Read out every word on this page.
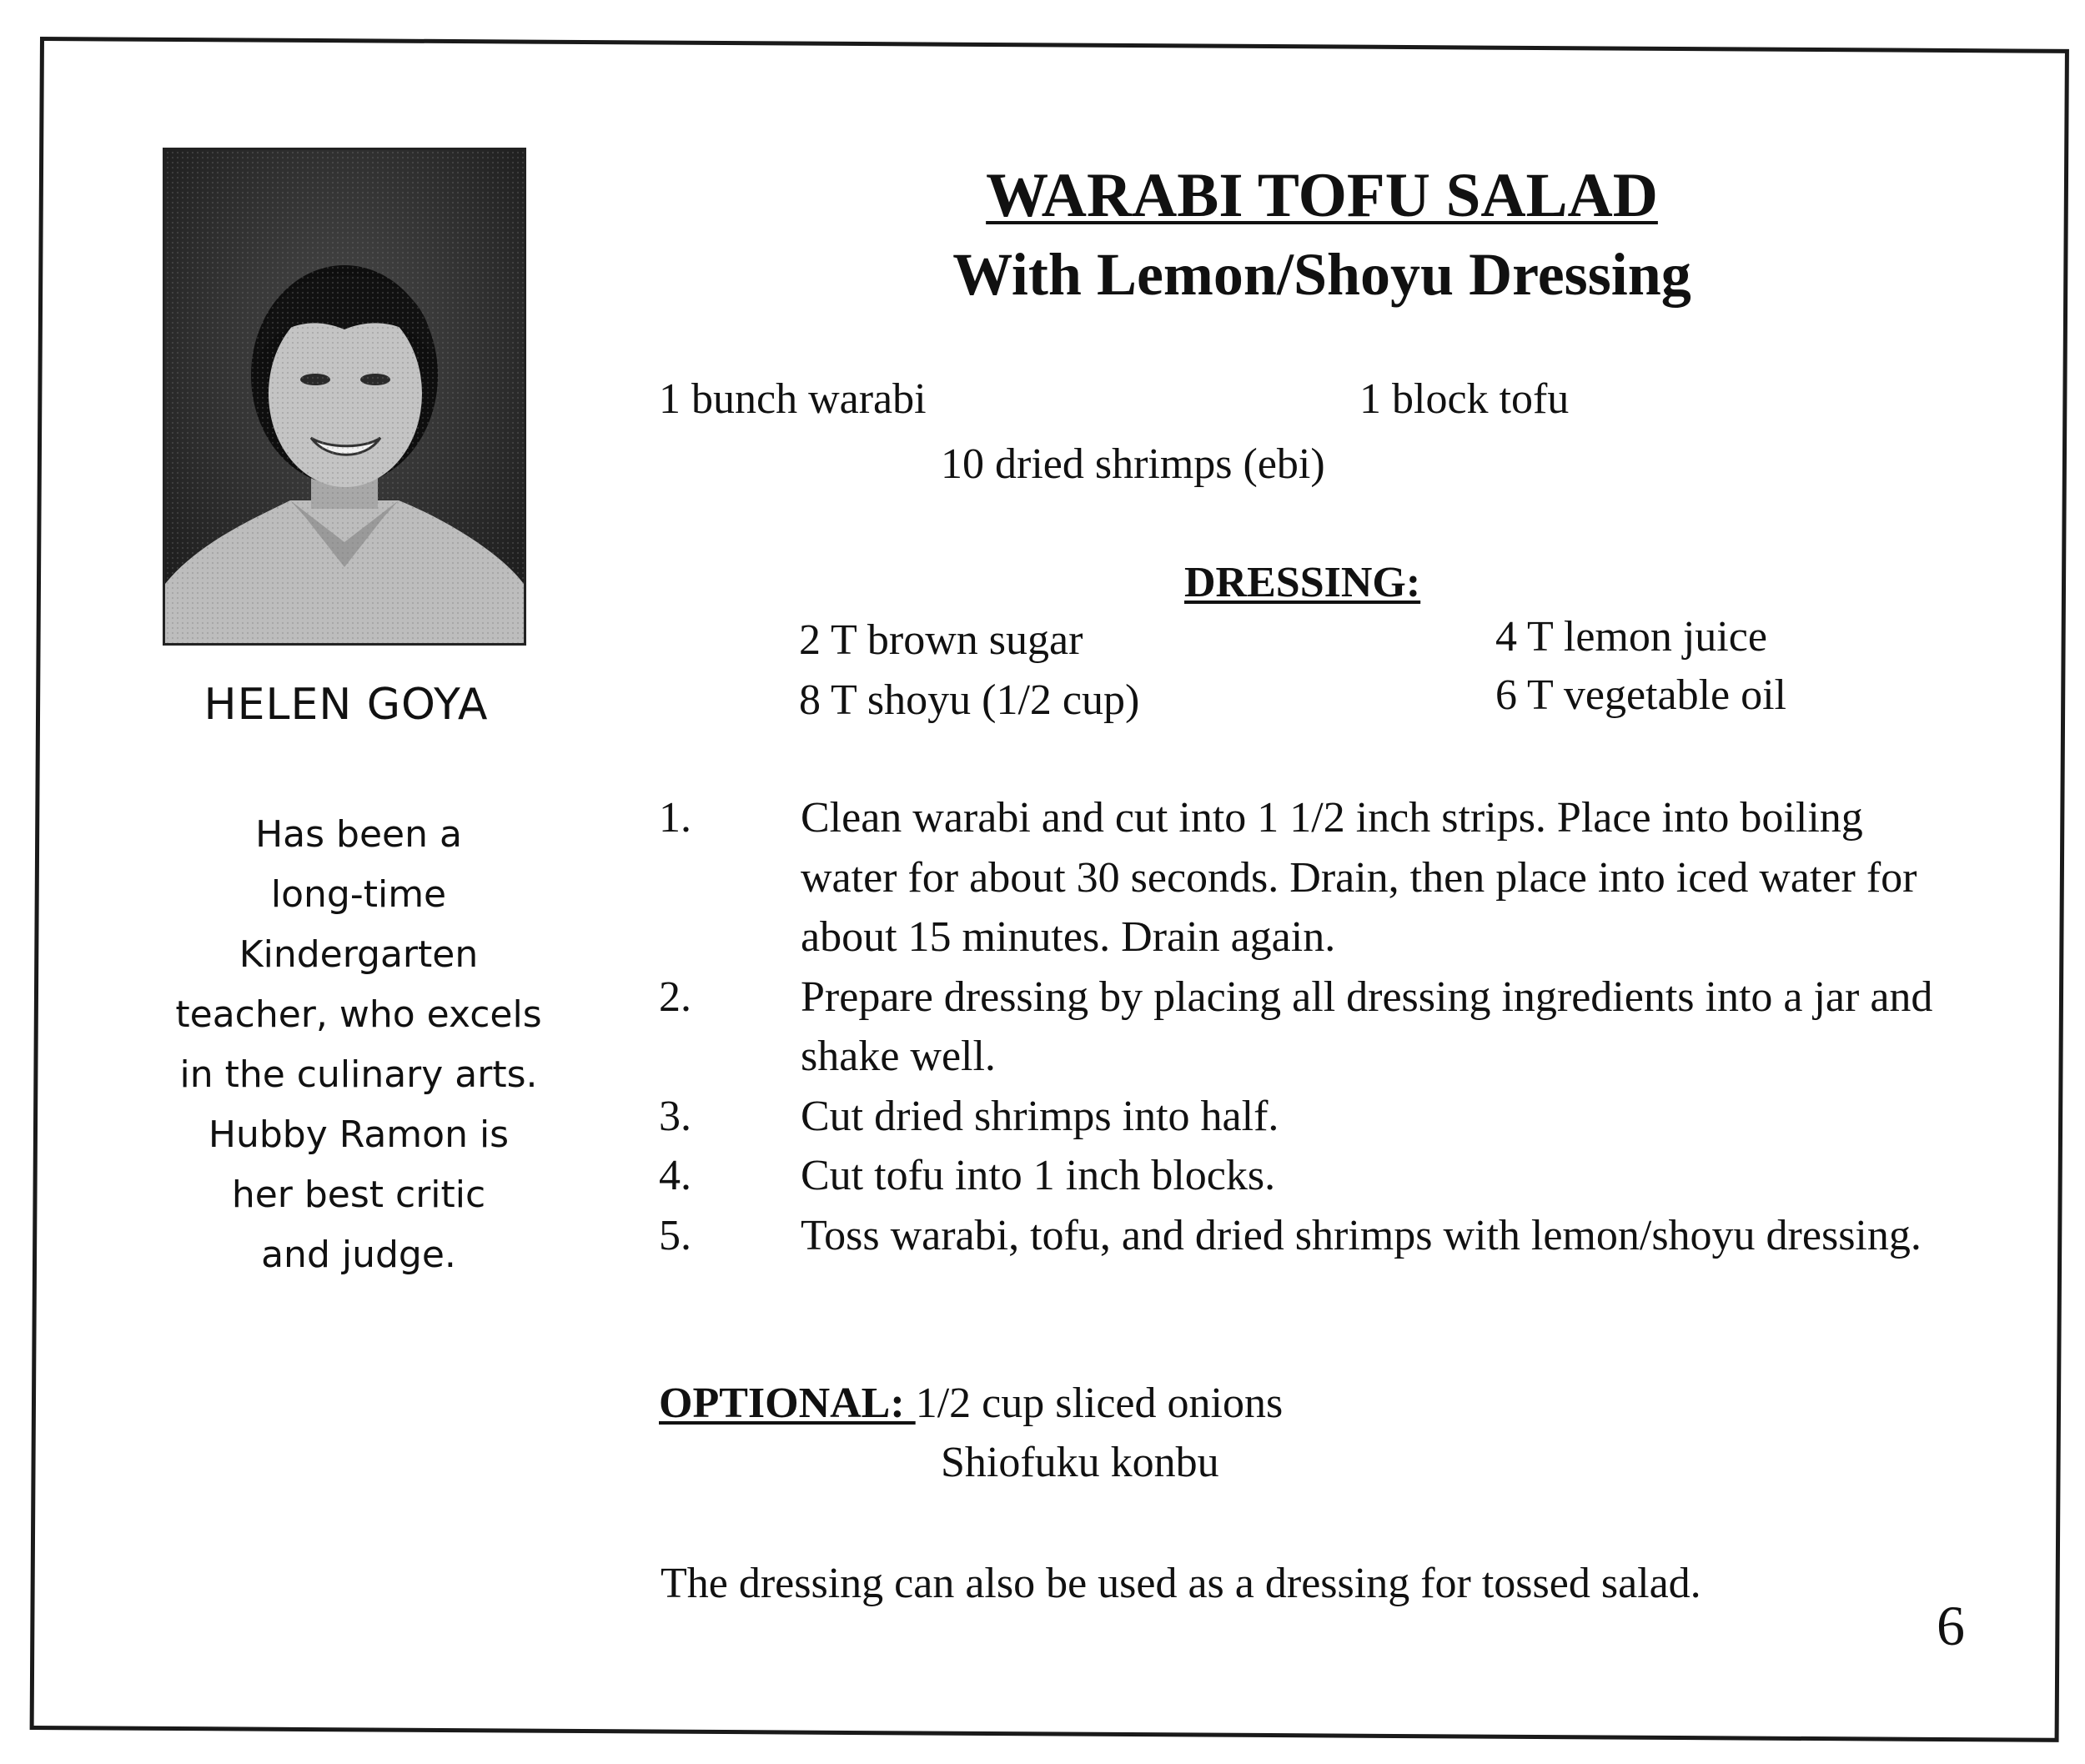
HELEN GOYA
Has been a
long-time
Kindergarten
teacher, who excels
in the culinary arts.
Hubby Ramon is
her best critic
and judge.
WARABI TOFU SALAD
With Lemon/Shoyu Dressing
1 bunch warabi	1 block tofu
10 dried shrimps (ebi)
DRESSING:
2 T brown sugar	4 T lemon juice
8 T shoyu (1/2 cup)	6 T vegetable oil
1.	Clean warabi and cut into 1 1/2 inch strips. Place into boiling water for about 30 seconds. Drain, then place into iced water for about 15 minutes. Drain again.
2.	Prepare dressing by placing all dressing ingredients into a jar and shake well.
3.	Cut dried shrimps into half.
4.	Cut tofu into 1 inch blocks.
5.	Toss warabi, tofu, and dried shrimps with lemon/shoyu dressing.
OPTIONAL: 1/2 cup sliced onions
Shiofuku konbu
The dressing can also be used as a dressing for tossed salad.
6
